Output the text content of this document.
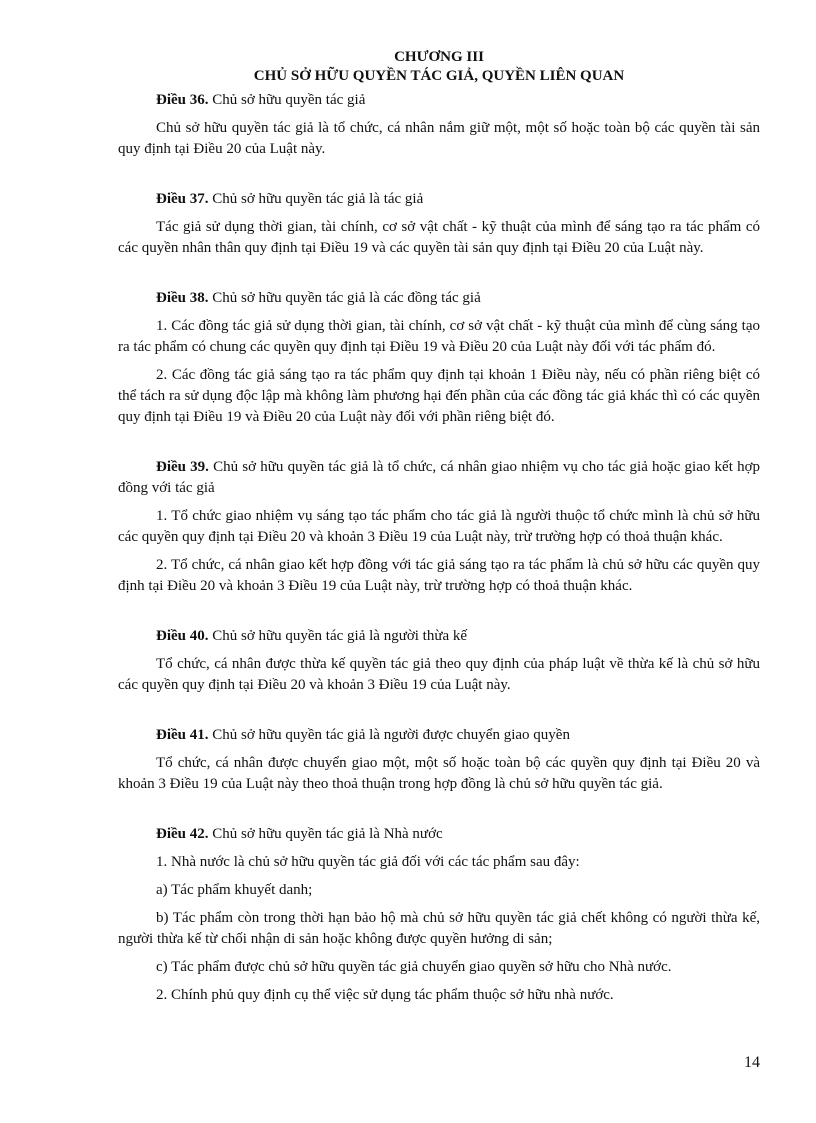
CHƯƠNG III
CHỦ SỞ HỮU QUYỀN TÁC GIẢ, QUYỀN LIÊN QUAN

Điều 36. Chủ sở hữu quyền tác giả

Chủ sở hữu quyền tác giả là tổ chức, cá nhân nắm giữ một, một số hoặc toàn bộ các quyền tài sản quy định tại Điều 20 của Luật này.

Điều 37. Chủ sở hữu quyền tác giả là tác giả

Tác giả sử dụng thời gian, tài chính, cơ sở vật chất - kỹ thuật của mình để sáng tạo ra tác phẩm có các quyền nhân thân quy định tại Điều 19 và các quyền tài sản quy định tại Điều 20 của Luật này.

Điều 38. Chủ sở hữu quyền tác giả là các đồng tác giả

1. Các đồng tác giả sử dụng thời gian, tài chính, cơ sở vật chất - kỹ thuật của mình để cùng sáng tạo ra tác phẩm có chung các quyền quy định tại Điều 19 và Điều 20 của Luật này đối với tác phẩm đó.

2. Các đồng tác giả sáng tạo ra tác phẩm quy định tại khoản 1 Điều này, nếu có phần riêng biệt có thể tách ra sử dụng độc lập mà không làm phương hại đến phần của các đồng tác giả khác thì có các quyền quy định tại Điều 19 và Điều 20 của Luật này đối với phần riêng biệt đó.

Điều 39. Chủ sở hữu quyền tác giả là tổ chức, cá nhân giao nhiệm vụ cho tác giả hoặc giao kết hợp đồng với tác giả

1. Tổ chức giao nhiệm vụ sáng tạo tác phẩm cho tác giả là người thuộc tổ chức mình là chủ sở hữu các quyền quy định tại Điều 20 và khoản 3 Điều 19 của Luật này, trừ trường hợp có thoả thuận khác.

2. Tổ chức, cá nhân giao kết hợp đồng với tác giả sáng tạo ra tác phẩm là chủ sở hữu các quyền quy định tại Điều 20 và khoản 3 Điều 19 của Luật này, trừ trường hợp có thoả thuận khác.

Điều 40. Chủ sở hữu quyền tác giả là người thừa kế

Tổ chức, cá nhân được thừa kế quyền tác giả theo quy định của pháp luật về thừa kế là chủ sở hữu các quyền quy định tại Điều 20 và khoản 3 Điều 19 của Luật này.

Điều 41. Chủ sở hữu quyền tác giả là người được chuyển giao quyền

Tổ chức, cá nhân được chuyển giao một, một số hoặc toàn bộ các quyền quy định tại Điều 20 và khoản 3 Điều 19 của Luật này theo thoả thuận trong hợp đồng là chủ sở hữu quyền tác giả.

Điều 42. Chủ sở hữu quyền tác giả là Nhà nước

1. Nhà nước là chủ sở hữu quyền tác giả đối với các tác phẩm sau đây:

a) Tác phẩm khuyết danh;

b) Tác phẩm còn trong thời hạn bảo hộ mà chủ sở hữu quyền tác giả chết không có người thừa kế, người thừa kế từ chối nhận di sản hoặc không được quyền hưởng di sản;

c) Tác phẩm được chủ sở hữu quyền tác giả chuyển giao quyền sở hữu cho Nhà nước.

2. Chính phủ quy định cụ thể việc sử dụng tác phẩm thuộc sở hữu nhà nước.

14
